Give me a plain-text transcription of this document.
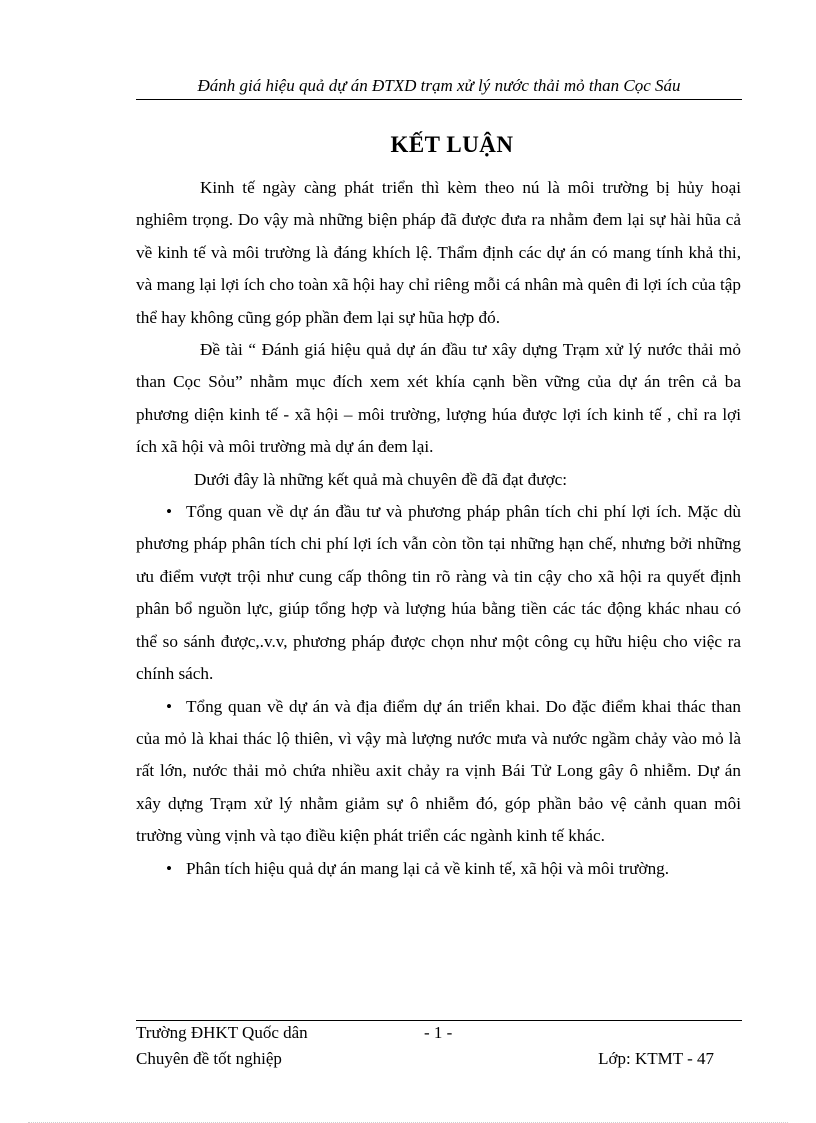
Đánh giá hiệu quả dự án ĐTXD trạm xử lý nước thải mỏ than Cọc Sáu
KẾT LUẬN

Kinh tế ngày càng phát triển thì kèm theo nú là môi trường bị hủy hoại nghiêm trọng. Do vậy mà những biện pháp đã được đưa ra nhằm đem lại sự hài hũa cả về kinh tế và môi trường là đáng khích lệ. Thẩm định các dự án có mang tính khả thi, và mang lại lợi ích cho toàn xã hội hay chỉ riêng mỗi cá nhân mà quên đi lợi ích của tập thể hay không cũng góp phần đem lại sự hũa hợp đó.

Đề tài “ Đánh giá hiệu quả dự án đầu tư xây dựng Trạm xử lý nước thải mỏ than Cọc Sỏu” nhằm mục đích xem xét khía cạnh bền vững của dự án trên cả ba phương diện kinh tế - xã hội – môi trường, lượng húa được lợi ích kinh tế , chỉ ra lợi ích xã hội và môi trường mà dự án đem lại.

Dưới đây là những kết quả mà chuyên đề đã đạt được:

• Tổng quan về dự án đầu tư và phương pháp phân tích chi phí lợi ích. Mặc dù phương pháp phân tích chi phí lợi ích vẫn còn tồn tại những hạn chế, nhưng bởi những ưu điểm vượt trội như cung cấp thông tin rõ ràng và tin cậy cho xã hội ra quyết định phân bổ nguồn lực, giúp tổng hợp và lượng húa bằng tiền các tác động khác nhau có thể so sánh được,.v.v, phương pháp được chọn như một công cụ hữu hiệu cho việc ra chính sách.

• Tổng quan về dự án và địa điểm dự án triển khai. Do đặc điểm khai thác than của mỏ là khai thác lộ thiên, vì vậy mà lượng nước mưa và nước ngầm chảy vào mỏ là rất lớn, nước thải mỏ chứa nhiều axit chảy ra vịnh Bái Tử Long gây ô nhiễm. Dự án xây dựng Trạm xử lý nhằm giảm sự ô nhiễm đó, góp phần bảo vệ cảnh quan môi trường vùng vịnh và tạo điều kiện phát triển các ngành kinh tế khác.

• Phân tích hiệu quả dự án mang lại cả về kinh tế, xã hội và môi trường.

Trường ĐHKT Quốc dân	- 1 -
Chuyên đề tốt nghiệp	Lớp: KTMT - 47
